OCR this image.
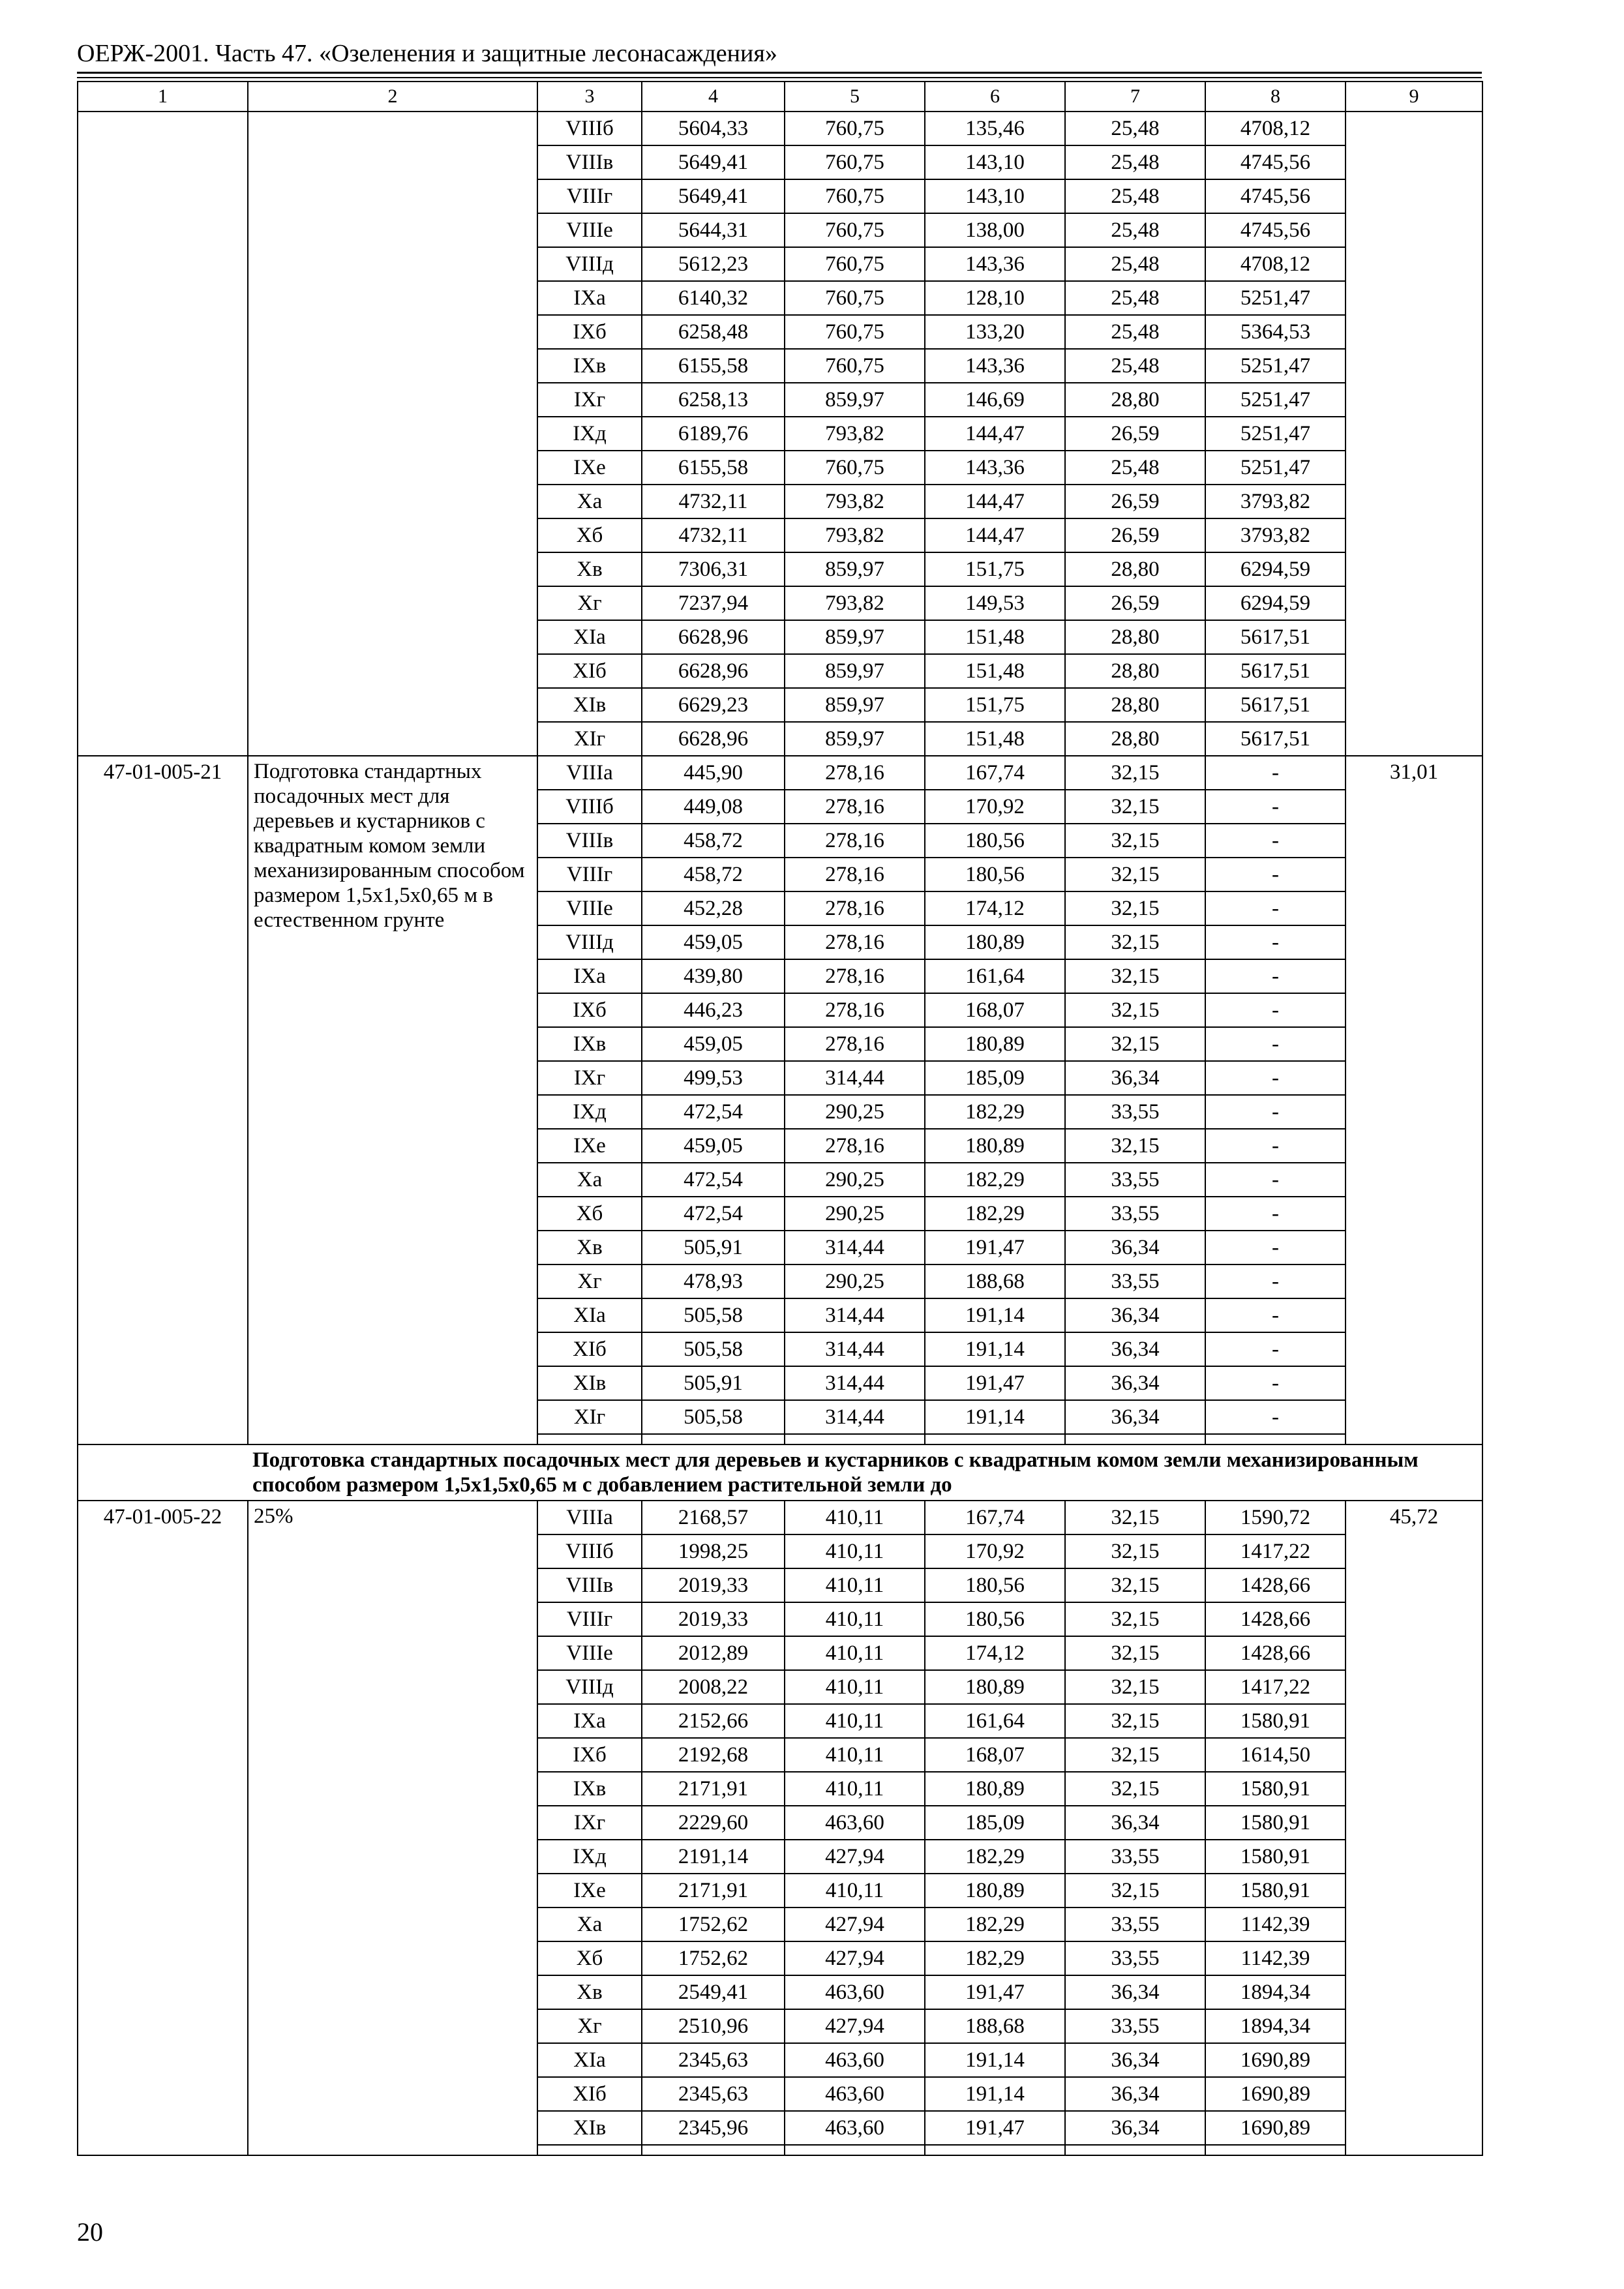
ОЕРЖ-2001. Часть 47. «Озеленения и защитные лесонасаждения»
1	2	3	4	5	6	7	8	9
		VIIIб	5604,33	760,75	135,46	25,48	4708,12	
		VIIIв	5649,41	760,75	143,10	25,48	4745,56	
		VIIIг	5649,41	760,75	143,10	25,48	4745,56	
		VIIIе	5644,31	760,75	138,00	25,48	4745,56	
		VIIIд	5612,23	760,75	143,36	25,48	4708,12	
		IXа	6140,32	760,75	128,10	25,48	5251,47	
		IXб	6258,48	760,75	133,20	25,48	5364,53	
		IXв	6155,58	760,75	143,36	25,48	5251,47	
		IXг	6258,13	859,97	146,69	28,80	5251,47	
		IXд	6189,76	793,82	144,47	26,59	5251,47	
		IXе	6155,58	760,75	143,36	25,48	5251,47	
		Xа	4732,11	793,82	144,47	26,59	3793,82	
		Xб	4732,11	793,82	144,47	26,59	3793,82	
		Xв	7306,31	859,97	151,75	28,80	6294,59	
		Xг	7237,94	793,82	149,53	26,59	6294,59	
		XIа	6628,96	859,97	151,48	28,80	5617,51	
		XIб	6628,96	859,97	151,48	28,80	5617,51	
		XIв	6629,23	859,97	151,75	28,80	5617,51	
		XIг	6628,96	859,97	151,48	28,80	5617,51	
47-01-005-21	Подготовка стандартных посадочных мест для деревьев и кустарников с квадратным комом земли механизированным способом размером 1,5х1,5х0,65 м в естественном грунте	VIIIа	445,90	278,16	167,74	32,15	-	31,01
		VIIIб	449,08	278,16	170,92	32,15	-	
		VIIIв	458,72	278,16	180,56	32,15	-	
		VIIIг	458,72	278,16	180,56	32,15	-	
		VIIIе	452,28	278,16	174,12	32,15	-	
		VIIIд	459,05	278,16	180,89	32,15	-	
		IXа	439,80	278,16	161,64	32,15	-	
		IXб	446,23	278,16	168,07	32,15	-	
		IXв	459,05	278,16	180,89	32,15	-	
		IXг	499,53	314,44	185,09	36,34	-	
		IXд	472,54	290,25	182,29	33,55	-	
		IXе	459,05	278,16	180,89	32,15	-	
		Xа	472,54	290,25	182,29	33,55	-	
		Xб	472,54	290,25	182,29	33,55	-	
		Xв	505,91	314,44	191,47	36,34	-	
		Xг	478,93	290,25	188,68	33,55	-	
		XIа	505,58	314,44	191,14	36,34	-	
		XIб	505,58	314,44	191,14	36,34	-	
		XIв	505,91	314,44	191,47	36,34	-	
		XIг	505,58	314,44	191,14	36,34	-	

Подготовка стандартных посадочных мест для деревьев и кустарников с квадратным комом земли механизированным способом размером 1,5х1,5х0,65 м с добавлением растительной земли до								
47-01-005-22	25%	VIIIа	2168,57	410,11	167,74	32,15	1590,72	45,72
		VIIIб	1998,25	410,11	170,92	32,15	1417,22	
		VIIIв	2019,33	410,11	180,56	32,15	1428,66	
		VIIIг	2019,33	410,11	180,56	32,15	1428,66	
		VIIIе	2012,89	410,11	174,12	32,15	1428,66	
		VIIIд	2008,22	410,11	180,89	32,15	1417,22	
		IXа	2152,66	410,11	161,64	32,15	1580,91	
		IXб	2192,68	410,11	168,07	32,15	1614,50	
		IXв	2171,91	410,11	180,89	32,15	1580,91	
		IXг	2229,60	463,60	185,09	36,34	1580,91	
		IXд	2191,14	427,94	182,29	33,55	1580,91	
		IXе	2171,91	410,11	180,89	32,15	1580,91	
		Xа	1752,62	427,94	182,29	33,55	1142,39	
		Xб	1752,62	427,94	182,29	33,55	1142,39	
		Xв	2549,41	463,60	191,47	36,34	1894,34	
		Xг	2510,96	427,94	188,68	33,55	1894,34	
		XIа	2345,63	463,60	191,14	36,34	1690,89	
		XIб	2345,63	463,60	191,14	36,34	1690,89	
		XIв	2345,96	463,60	191,47	36,34	1690,89	

20
